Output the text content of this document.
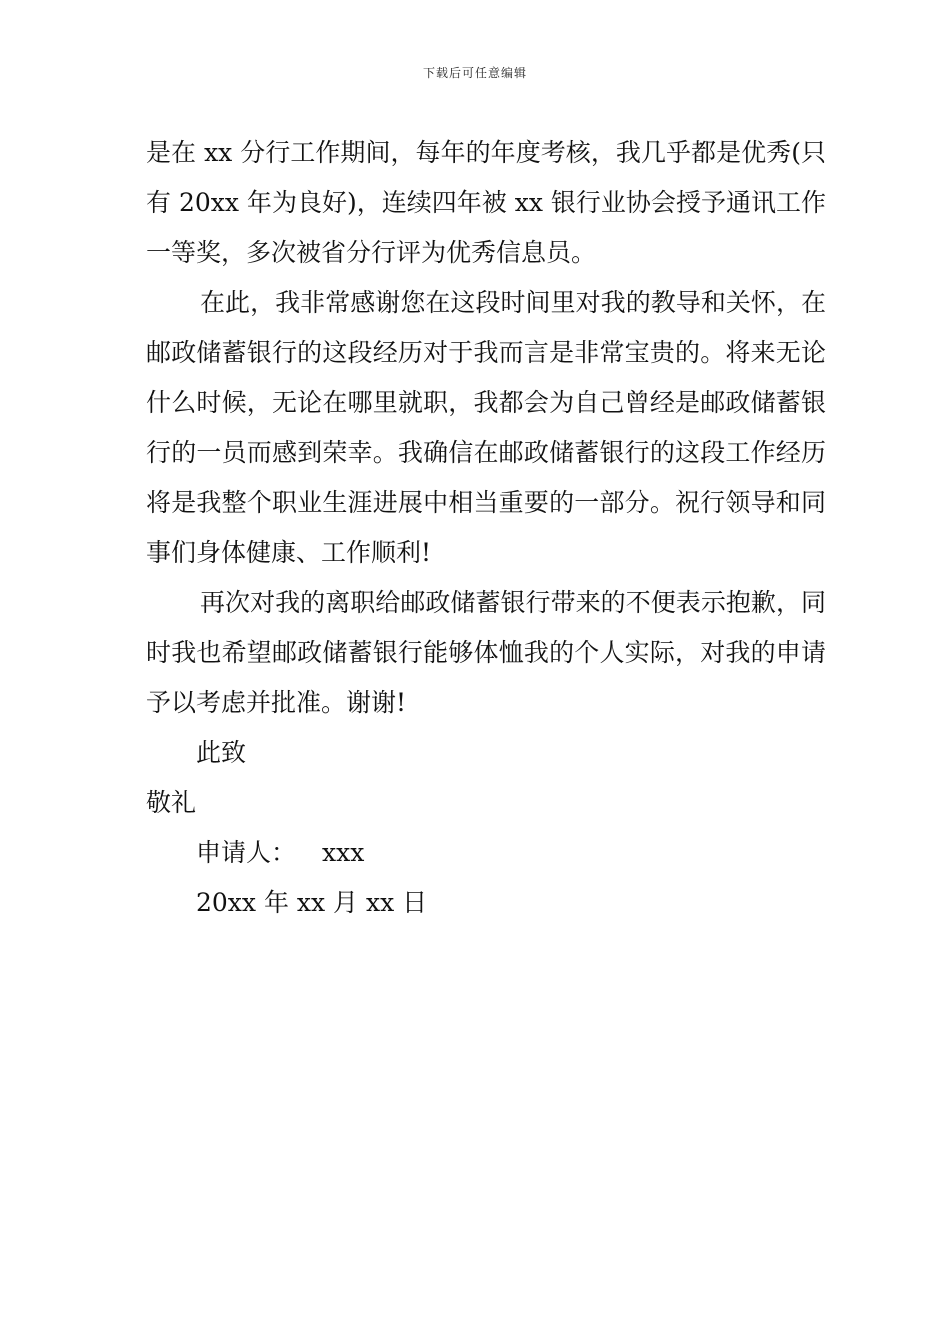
下载后可任意编辑

是在 xx 分行工作期间，每年的年度考核，我几乎都是优秀(只有 20xx 年为良好)，连续四年被 xx 银行业协会授予通讯工作一等奖，多次被省分行评为优秀信息员。

在此，我非常感谢您在这段时间里对我的教导和关怀，在邮政储蓄银行的这段经历对于我而言是非常宝贵的。将来无论什么时候，无论在哪里就职，我都会为自己曾经是邮政储蓄银行的一员而感到荣幸。我确信在邮政储蓄银行的这段工作经历将是我整个职业生涯进展中相当重要的一部分。祝行领导和同事们身体健康、工作顺利!

再次对我的离职给邮政储蓄银行带来的不便表示抱歉，同时我也希望邮政储蓄银行能够体恤我的个人实际，对我的申请予以考虑并批准。谢谢!

此致

敬礼

申请人： xxx

20xx 年 xx 月 xx 日
